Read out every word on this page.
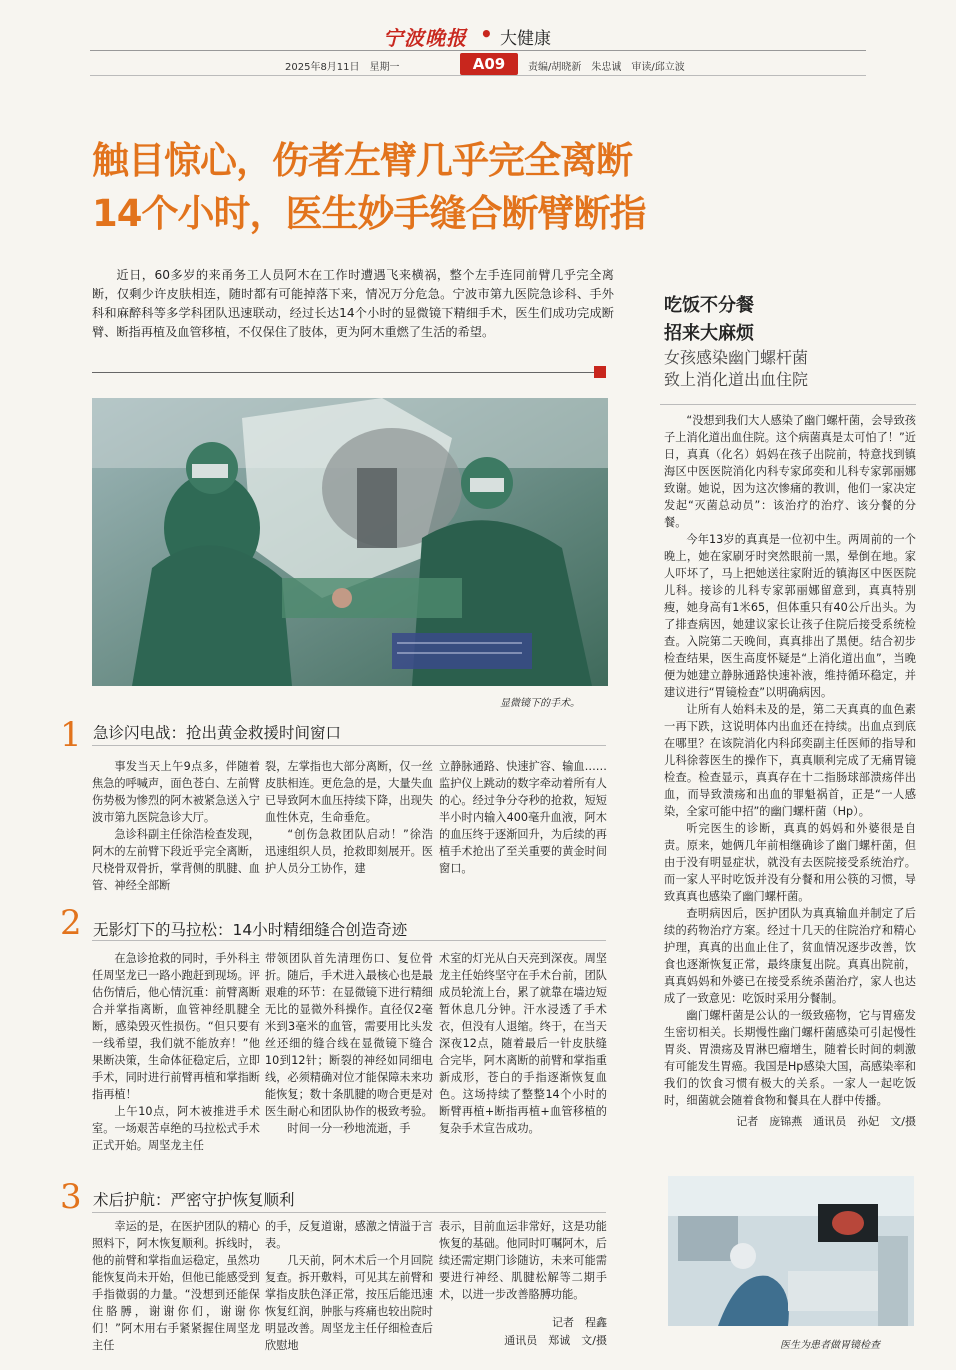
宁波晚报 • 大健康
2025年8月11日　星期一	A09	责编/胡晓新　朱忠诚　审读/邱立波
触目惊心，伤者左臂几乎完全离断
14个小时，医生妙手缝合断臂断指
近日，60多岁的来甬务工人员阿木在工作时遭遇飞来横祸，整个左手连同前臂几乎完全离断，仅剩少许皮肤相连，随时都有可能掉落下来，情况万分危急。宁波市第九医院急诊科、手外科和麻醉科等多学科团队迅速联动，经过长达14个小时的显微镜下精细手术，医生们成功完成断臂、断指再植及血管移植，不仅保住了肢体，更为阿木重燃了生活的希望。
显微镜下的手术。
1 急诊闪电战：抢出黄金救援时间窗口

事发当天上午9点多，伴随着焦急的呼喊声，面色苍白、左前臂伤势极为惨烈的阿木被紧急送入宁波市第九医院急诊大厅。

急诊科副主任徐浩检查发现，阿木的左前臂下段近乎完全离断，尺桡骨双骨折，掌背侧的肌腱、血管、神经全部断

裂，左掌指也大部分离断，仅一丝皮肤相连。更危急的是，大量失血已导致阿木血压持续下降，出现失血性休克，生命垂危。

“创伤急救团队启动！”徐浩迅速组织人员，抢救即刻展开。医护人员分工协作，建

立静脉通路、快速扩容、输血……监护仪上跳动的数字牵动着所有人的心。经过争分夺秒的抢救，短短半小时内输入400毫升血液，阿木的血压终于逐渐回升，为后续的再植手术抢出了至关重要的黄金时间窗口。

2 无影灯下的马拉松：14小时精细缝合创造奇迹

在急诊抢救的同时，手外科主任周坚龙已一路小跑赶到现场。评估伤情后，他心情沉重：前臂离断合并掌指离断，血管神经肌腱全断，感染毁灭性损伤。“但只要有一线希望，我们就不能放弃！”他果断决策，生命体征稳定后，立即手术，同时进行前臂再植和掌指断指再植！

上午10点，阿木被推进手术室。一场艰苦卓绝的马拉松式手术正式开始。周坚龙主任

带领团队首先清理伤口、复位骨折。随后，手术进入最核心也是最艰难的环节：在显微镜下进行精细无比的显微外科操作。直径仅2毫米到3毫米的血管，需要用比头发丝还细的缝合线在显微镜下缝合10到12针；断裂的神经如同细电线，必须精确对位才能保障未来功能恢复；数十条肌腱的吻合更是对医生耐心和团队协作的极致考验。

时间一分一秒地流逝，手

术室的灯光从白天亮到深夜。周坚龙主任始终坚守在手术台前，团队成员轮流上台，累了就靠在墙边短暂休息几分钟。汗水浸透了手术衣，但没有人退缩。终于，在当天深夜12点，随着最后一针皮肤缝合完毕，阿木离断的前臂和掌指重新成形，苍白的手指逐渐恢复血色。这场持续了整整14个小时的断臂再植+断指再植+血管移植的复杂手术宣告成功。

3 术后护航：严密守护恢复顺利

幸运的是，在医护团队的精心照料下，阿木恢复顺利。拆线时，他的前臂和掌指血运稳定，虽然功能恢复尚未开始，但他已能感受到手指微弱的力量。“没想到还能保住胳膊，谢谢你们，谢谢你们！”阿木用右手紧紧握住周坚龙主任

的手，反复道谢，感激之情溢于言表。

几天前，阿木术后一个月回院复查。拆开敷料，可见其左前臂和掌指皮肤色泽正常，按压后能迅速恢复红润，肿胀与疼痛也较出院时明显改善。周坚龙主任仔细检查后欣慰地

表示，目前血运非常好，这是功能恢复的基础。他同时叮嘱阿木，后续还需定期门诊随访，未来可能需要进行神经、肌腱松解等二期手术，以进一步改善胳膊功能。

记者　程鑫
通讯员　郑诚　文/摄
吃饭不分餐
招来大麻烦
女孩感染幽门螺杆菌
致上消化道出血住院

“没想到我们大人感染了幽门螺杆菌，会导致孩子上消化道出血住院。这个病菌真是太可怕了！”近日，真真（化名）妈妈在孩子出院前，特意找到镇海区中医医院消化内科专家邱奕和儿科专家郭丽娜致谢。她说，因为这次惨痛的教训，他们一家决定发起“灭菌总动员”：该治疗的治疗、该分餐的分餐。

今年13岁的真真是一位初中生。两周前的一个晚上，她在家刷牙时突然眼前一黑，晕倒在地。家人吓坏了，马上把她送往家附近的镇海区中医医院儿科。接诊的儿科专家郭丽娜留意到，真真特别瘦，她身高有1米65，但体重只有40公斤出头。为了排查病因，她建议家长让孩子住院后接受系统检查。入院第二天晚间，真真排出了黑便。结合初步检查结果，医生高度怀疑是“上消化道出血”，当晚便为她建立静脉通路快速补液，维持循环稳定，并建议进行“胃镜检查”以明确病因。

让所有人始料未及的是，第二天真真的血色素一再下跌，这说明体内出血还在持续。出血点到底在哪里？在该院消化内科邱奕副主任医师的指导和儿科徐蓉医生的操作下，真真顺利完成了无痛胃镜检查。检查显示，真真存在十二指肠球部溃疡伴出血，而导致溃疡和出血的罪魁祸首，正是“一人感染，全家可能中招”的幽门螺杆菌（Hp）。

听完医生的诊断，真真的妈妈和外婆很是自责。原来，她俩几年前相继确诊了幽门螺杆菌，但由于没有明显症状，就没有去医院接受系统治疗。而一家人平时吃饭并没有分餐和用公筷的习惯，导致真真也感染了幽门螺杆菌。

查明病因后，医护团队为真真输血并制定了后续的药物治疗方案。经过十几天的住院治疗和精心护理，真真的出血止住了，贫血情况逐步改善，饮食也逐渐恢复正常，最终康复出院。真真出院前，真真妈妈和外婆已在接受系统杀菌治疗，家人也达成了一致意见：吃饭时采用分餐制。

幽门螺杆菌是公认的一级致癌物，它与胃癌发生密切相关。长期慢性幽门螺杆菌感染可引起慢性胃炎、胃溃疡及胃淋巴瘤增生，随着长时间的刺激有可能发生胃癌。我国是Hp感染大国，高感染率和我们的饮食习惯有极大的关系。一家人一起吃饭时，细菌就会随着食物和餐具在人群中传播。

记者　庞锦燕　通讯员　孙妃　文/摄
医生为患者做胃镜检查
